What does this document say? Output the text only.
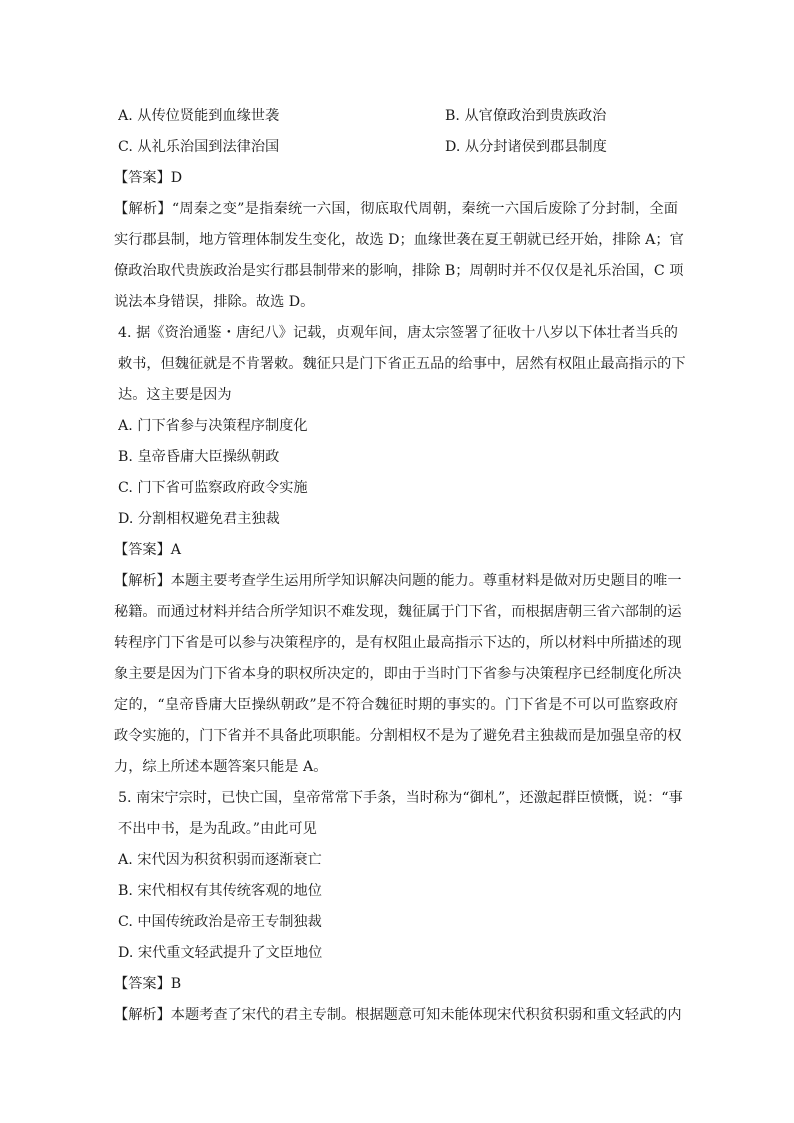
A. 从传位贤能到血缘世袭	B. 从官僚政治到贵族政治
C. 从礼乐治国到法律治国	D. 从分封诸侯到郡县制度
【答案】D
【解析】“周秦之变”是指秦统一六国，彻底取代周朝，秦统一六国后废除了分封制，全面
实行郡县制，地方管理体制发生变化，故选 D；血缘世袭在夏王朝就已经开始，排除 A；官
僚政治取代贵族政治是实行郡县制带来的影响，排除 B；周朝时并不仅仅是礼乐治国，C 项
说法本身错误，排除。故选 D。
4. 据《资治通鉴・唐纪八》记载，贞观年间，唐太宗签署了征收十八岁以下体壮者当兵的
敕书，但魏征就是不肯署敕。魏征只是门下省正五品的给事中，居然有权阻止最高指示的下
达。这主要是因为
A. 门下省参与决策程序制度化
B. 皇帝昏庸大臣操纵朝政
C. 门下省可监察政府政令实施
D. 分割相权避免君主独裁
【答案】A
【解析】本题主要考查学生运用所学知识解决问题的能力。尊重材料是做对历史题目的唯一
秘籍。而通过材料并结合所学知识不难发现，魏征属于门下省，而根据唐朝三省六部制的运
转程序门下省是可以参与决策程序的，是有权阻止最高指示下达的，所以材料中所描述的现
象主要是因为门下省本身的职权所决定的，即由于当时门下省参与决策程序已经制度化所决
定的，“皇帝昏庸大臣操纵朝政”是不符合魏征时期的事实的。门下省是不可以可监察政府
政令实施的，门下省并不具备此项职能。分割相权不是为了避免君主独裁而是加强皇帝的权
力，综上所述本题答案只能是 A。
5. 南宋宁宗时，已快亡国，皇帝常常下手条，当时称为“御札”，还激起群臣愤慨，说：“事
不出中书，是为乱政。”由此可见
A. 宋代因为积贫积弱而逐渐衰亡
B. 宋代相权有其传统客观的地位
C. 中国传统政治是帝王专制独裁
D. 宋代重文轻武提升了文臣地位
【答案】B
【解析】本题考查了宋代的君主专制。根据题意可知未能体现宋代积贫积弱和重文轻武的内
